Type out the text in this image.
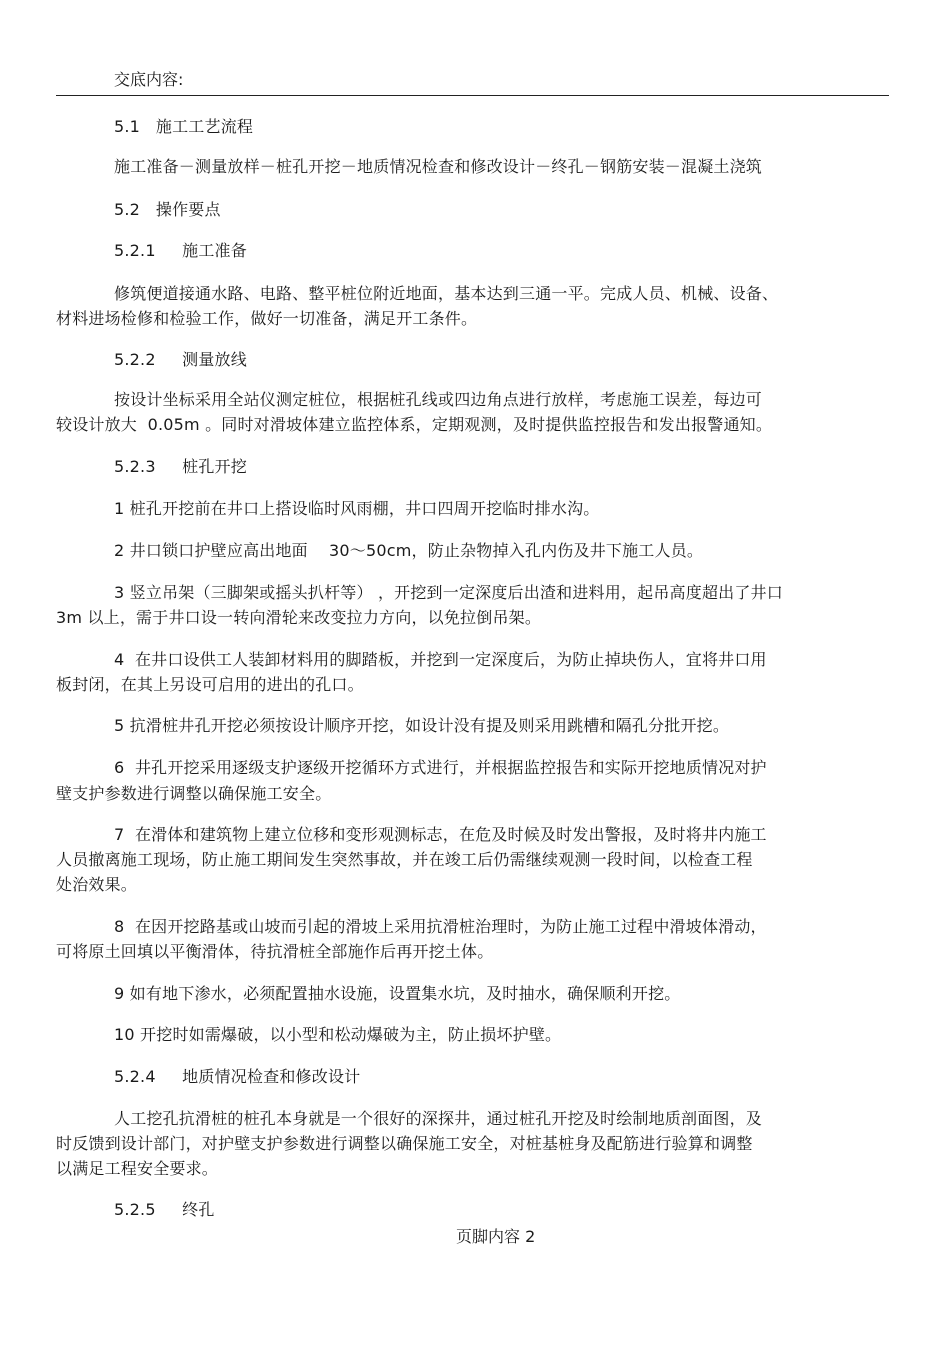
交底内容:
5.1   施工工艺流程
施工准备－测量放样－桩孔开挖－地质情况检查和修改设计－终孔－钢筋安装－混凝土浇筑
5.2   操作要点
5.2.1     施工准备
修筑便道接通水路、电路、整平桩位附近地面，基本达到三通一平。完成人员、机械、设备、
材料进场检修和检验工作，做好一切准备，满足开工条件。
5.2.2     测量放线
按设计坐标采用全站仪测定桩位，根据桩孔线或四边角点进行放样，考虑施工误差，每边可
较设计放大  0.05m 。同时对滑坡体建立监控体系，定期观测，及时提供监控报告和发出报警通知。
5.2.3     桩孔开挖
1 桩孔开挖前在井口上搭设临时风雨棚，井口四周开挖临时排水沟。
2 井口锁口护壁应高出地面    30～50cm，防止杂物掉入孔内伤及井下施工人员。
3 竖立吊架（三脚架或摇头扒杆等） ，开挖到一定深度后出渣和进料用，起吊高度超出了井口
3m 以上，需于井口设一转向滑轮来改变拉力方向，以免拉倒吊架。
4  在井口设供工人装卸材料用的脚踏板，并挖到一定深度后，为防止掉块伤人，宜将井口用
板封闭，在其上另设可启用的进出的孔口。
5 抗滑桩井孔开挖必须按设计顺序开挖，如设计没有提及则采用跳槽和隔孔分批开挖。
6  井孔开挖采用逐级支护逐级开挖循环方式进行，并根据监控报告和实际开挖地质情况对护
壁支护参数进行调整以确保施工安全。
7  在滑体和建筑物上建立位移和变形观测标志，在危及时候及时发出警报，及时将井内施工
人员撤离施工现场，防止施工期间发生突然事故，并在竣工后仍需继续观测一段时间，以检查工程
处治效果。
8  在因开挖路基或山坡而引起的滑坡上采用抗滑桩治理时，为防止施工过程中滑坡体滑动，
可将原土回填以平衡滑体，待抗滑桩全部施作后再开挖土体。
9 如有地下渗水，必须配置抽水设施，设置集水坑，及时抽水，确保顺利开挖。
10 开挖时如需爆破，以小型和松动爆破为主，防止损坏护壁。
5.2.4     地质情况检查和修改设计
人工挖孔抗滑桩的桩孔本身就是一个很好的深探井，通过桩孔开挖及时绘制地质剖面图，及
时反馈到设计部门，对护壁支护参数进行调整以确保施工安全，对桩基桩身及配筋进行验算和调整
以满足工程安全要求。
5.2.5     终孔
页脚内容 2
